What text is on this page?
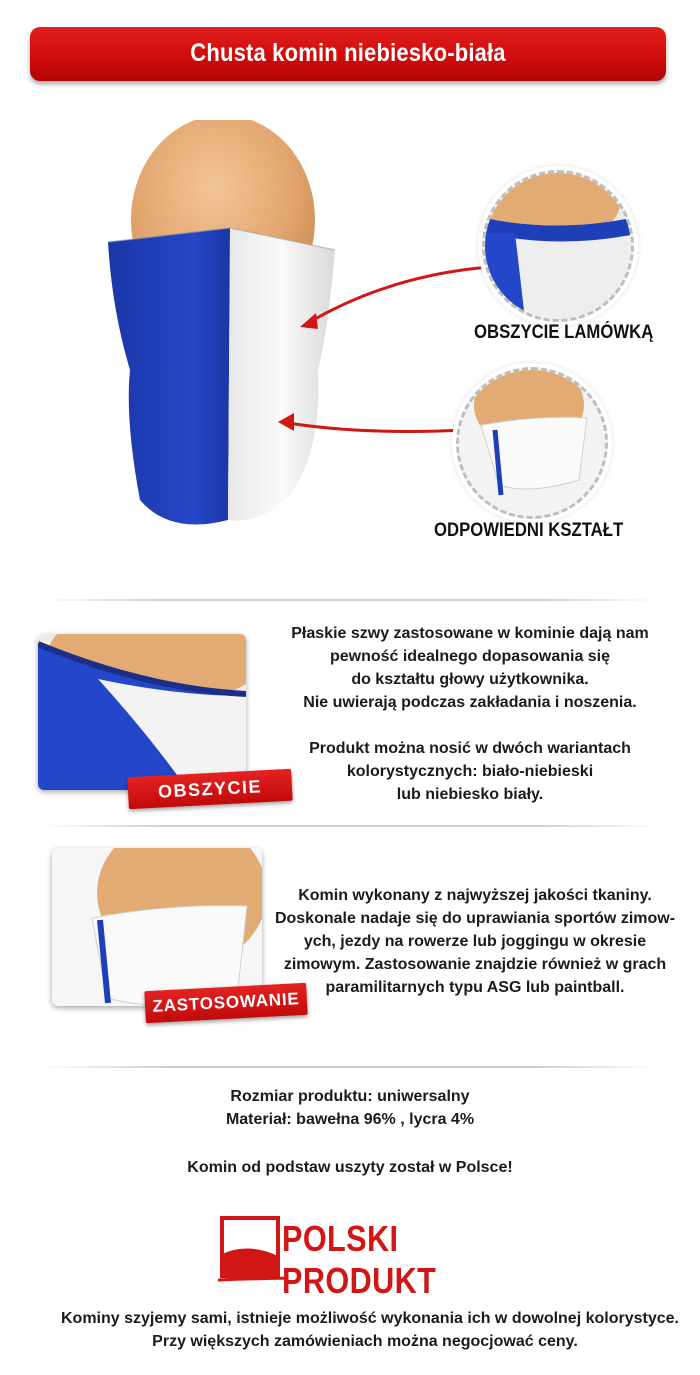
Chusta komin niebiesko-biała
OBSZYCIE LAMÓWKĄ
ODPOWIEDNI KSZTAŁT
OBSZYCIE
Płaskie szwy zastosowane w kominie dają nam
pewność idealnego dopasowania się
do kształtu głowy użytkownika.
Nie uwierają podczas zakładania i noszenia.

Produkt można nosić w dwóch wariantach
kolorystycznych: biało-niebieski
lub niebiesko biały.
ZASTOSOWANIE
Komin wykonany z najwyższej jakości tkaniny.
Doskonale nadaje się do uprawiania sportów zimow-
ych, jezdy na rowerze lub joggingu w okresie
zimowym. Zastosowanie znajdzie również w grach
paramilitarnych typu ASG lub paintball.
Rozmiar produktu: uniwersalny
Materiał: bawełna 96% , lycra 4%
Komin od podstaw uszyty został w Polsce!
POLSKI PRODUKT
Kominy szyjemy sami, istnieje możliwość wykonania ich w dowolnej kolorystyce.
Przy większych zamówieniach można negocjować ceny.
